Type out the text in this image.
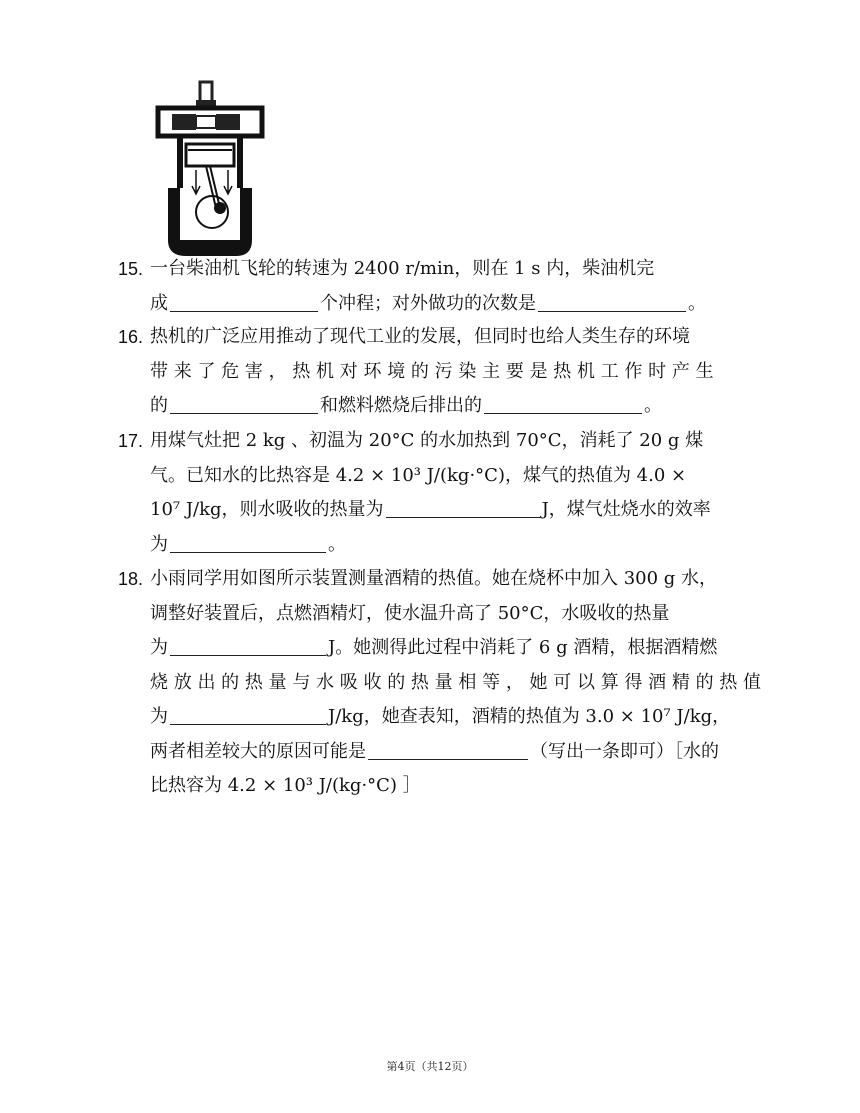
15. 一台柴油机飞轮的转速为 2400 r/min，则在 1 s 内，柴油机完
成	个冲程；对外做功的次数是	。
16. 热机的广泛应用推动了现代工业的发展，但同时也给人类生存的环境
带 来 了 危 害 ， 热 机 对 环 境 的 污 染 主 要 是 热 机 工 作 时 产 生
的	和燃料燃烧后排出的	。
17. 用煤气灶把 2 kg 、初温为 20°C 的水加热到 70°C，消耗了 20 g 煤
气。已知水的比热容是 4.2 × 10³ J/(kg·°C)，煤气的热值为 4.0 ×
10⁷ J/kg，则水吸收的热量为	J，煤气灶烧水的效率
为	。
18. 小雨同学用如图所示装置测量酒精的热值。她在烧杯中加入 300 g 水，
调整好装置后，点燃酒精灯，使水温升高了 50°C，水吸收的热量
为	J。她测得此过程中消耗了 6 g 酒精，根据酒精燃
烧 放 出 的 热 量 与 水 吸 收 的 热 量 相 等 ， 她 可 以 算 得 酒 精 的 热 值
为	J/kg，她查表知，酒精的热值为 3.0 × 10⁷ J/kg，
两者相差较大的原因可能是	（写出一条即可）［水的
比热容为 4.2 × 10³ J/(kg·°C) ］
第4页（共12页）
